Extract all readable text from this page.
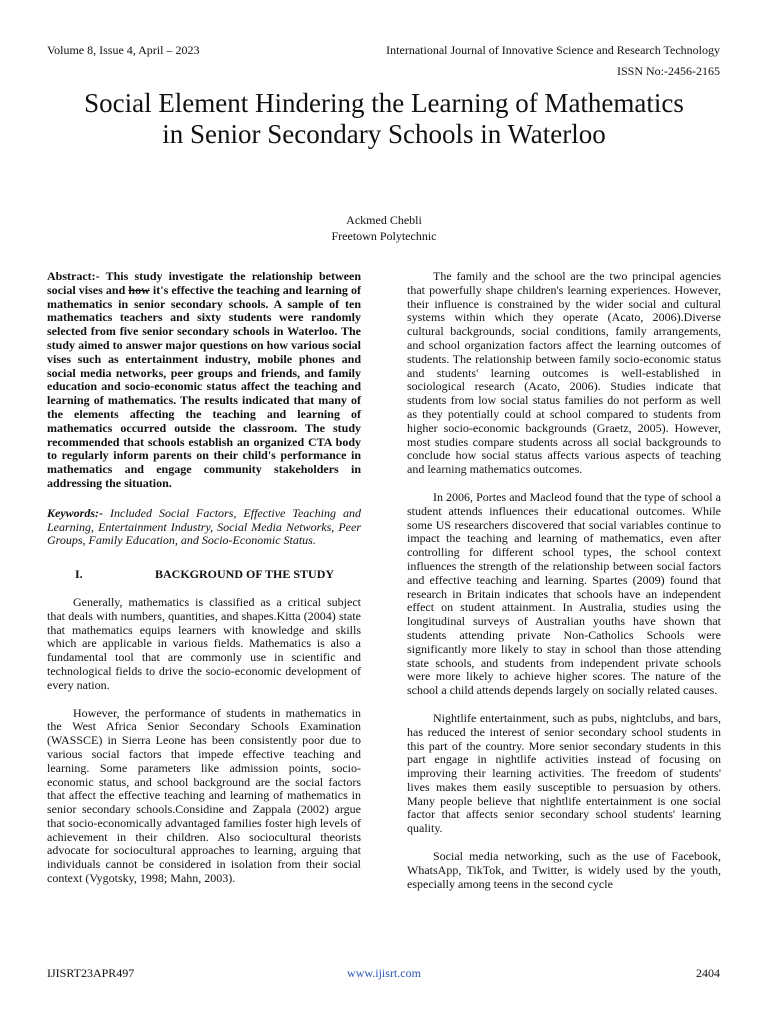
Volume 8, Issue 4, April – 2023	International Journal of Innovative Science and Research Technology
ISSN No:-2456-2165
Social Element Hindering the Learning of Mathematics in Senior Secondary Schools in Waterloo
Ackmed Chebli
Freetown Polytechnic

Abstract:- This study investigate the relationship between social vises and how it's effective the teaching and learning of mathematics in senior secondary schools. A sample of ten mathematics teachers and sixty students were randomly selected from five senior secondary schools in Waterloo. The study aimed to answer major questions on how various social vises such as entertainment industry, mobile phones and social media networks, peer groups and friends, and family education and socio-economic status affect the teaching and learning of mathematics. The results indicated that many of the elements affecting the teaching and learning of mathematics occurred outside the classroom. The study recommended that schools establish an organized CTA body to regularly inform parents on their child's performance in mathematics and engage community stakeholders in addressing the situation.

Keywords:- Included Social Factors, Effective Teaching and Learning, Entertainment Industry, Social Media Networks, Peer Groups, Family Education, and Socio-Economic Status.

I.	BACKGROUND OF THE STUDY

Generally, mathematics is classified as a critical subject that deals with numbers, quantities, and shapes.Kitta (2004) state that mathematics equips learners with knowledge and skills which are applicable in various fields. Mathematics is also a fundamental tool that are commonly use in scientific and technological fields to drive the socio-economic development of every nation.

However, the performance of students in mathematics in the West Africa Senior Secondary Schools Examination (WASSCE) in Sierra Leone has been consistently poor due to various social factors that impede effective teaching and learning. Some parameters like admission points, socio-economic status, and school background are the social factors that affect the effective teaching and learning of mathematics in senior secondary schools.Considine and Zappala (2002) argue that socio-economically advantaged families foster high levels of achievement in their children. Also sociocultural theorists advocate for sociocultural approaches to learning, arguing that individuals cannot be considered in isolation from their social context (Vygotsky, 1998; Mahn, 2003).

The family and the school are the two principal agencies that powerfully shape children's learning experiences. However, their influence is constrained by the wider social and cultural systems within which they operate (Acato, 2006).Diverse cultural backgrounds, social conditions, family arrangements, and school organization factors affect the learning outcomes of students. The relationship between family socio-economic status and students' learning outcomes is well-established in sociological research (Acato, 2006). Studies indicate that students from low social status families do not perform as well as they potentially could at school compared to students from higher socio-economic backgrounds (Graetz, 2005). However, most studies compare students across all social backgrounds to conclude how social status affects various aspects of teaching and learning mathematics outcomes.

In 2006, Portes and Macleod found that the type of school a student attends influences their educational outcomes. While some US researchers discovered that social variables continue to impact the teaching and learning of mathematics, even after controlling for different school types, the school context influences the strength of the relationship between social factors and effective teaching and learning. Spartes (2009) found that research in Britain indicates that schools have an independent effect on student attainment. In Australia, studies using the longitudinal surveys of Australian youths have shown that students attending private Non-Catholics Schools were significantly more likely to stay in school than those attending state schools, and students from independent private schools were more likely to achieve higher scores. The nature of the school a child attends depends largely on socially related causes.

Nightlife entertainment, such as pubs, nightclubs, and bars, has reduced the interest of senior secondary school students in this part of the country. More senior secondary students in this part engage in nightlife activities instead of focusing on improving their learning activities. The freedom of students' lives makes them easily susceptible to persuasion by others. Many people believe that nightlife entertainment is one social factor that affects senior secondary school students' learning quality.

Social media networking, such as the use of Facebook, WhatsApp, TikTok, and Twitter, is widely used by the youth, especially among teens in the second cycle

IJISRT23APR497	www.ijisrt.com	2404
